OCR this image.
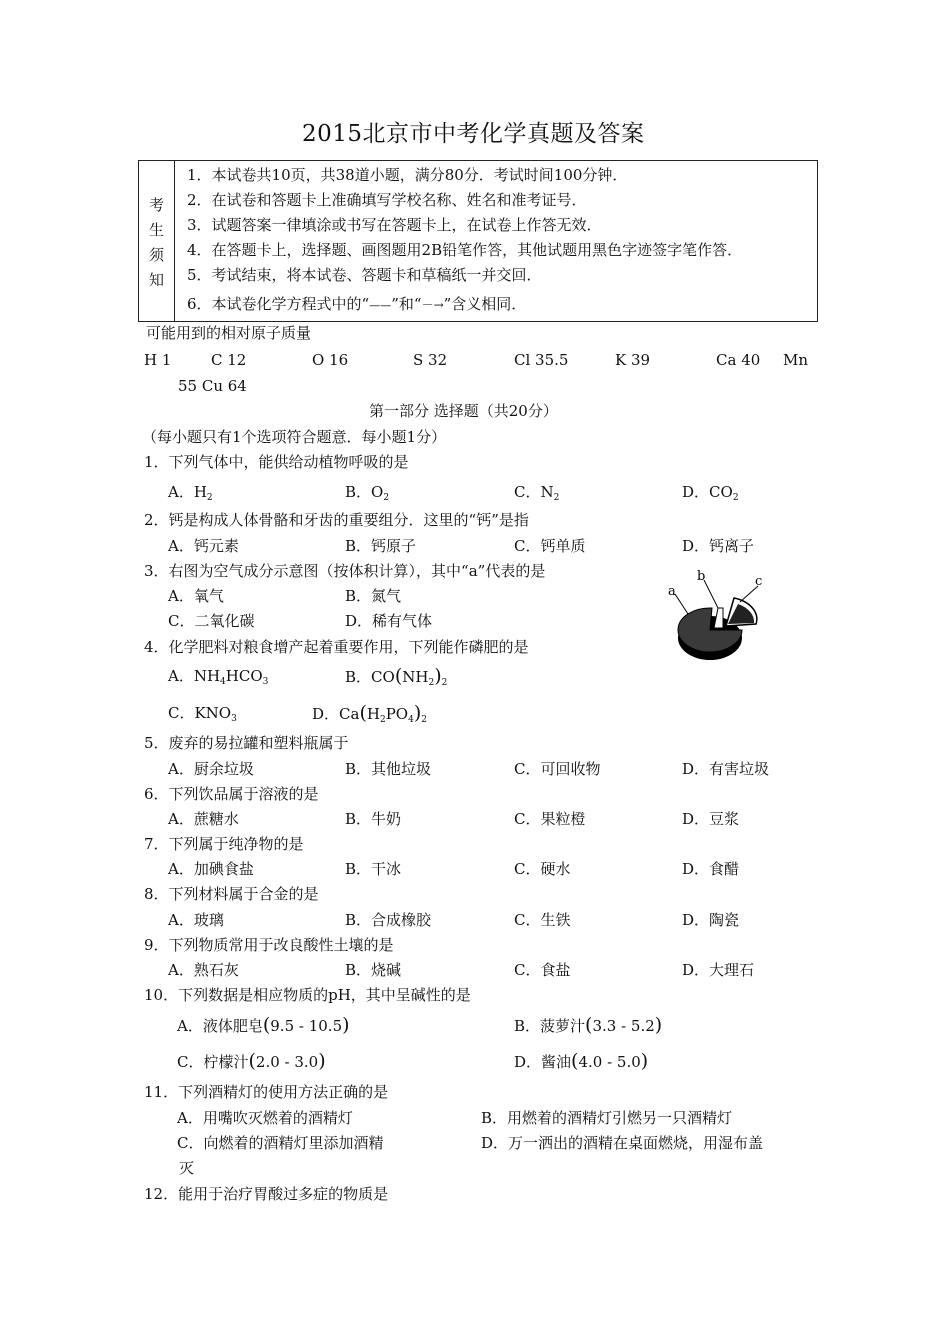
2015北京市中考化学真题及答案
考
生
须
知
1．本试卷共10页，共38道小题，满分80分．考试时间100分钟．
2．在试卷和答题卡上准确填写学校名称、姓名和准考证号．
3．试题答案一律填涂或书写在答题卡上，在试卷上作答无效．
4．在答题卡上，选择题、画图题用2B铅笔作答，其他试题用黑色字迹签字笔作答．
5．考试结束，将本试卷、答题卡和草稿纸一并交回．
6．本试卷化学方程式中的“——”和“－→”含义相同．
可能用到的相对原子质量
H 1	C 12	O 16	S 32	Cl 35.5	K 39	Ca 40 Mn
55 Cu 64
第一部分 选择题（共20分）
（每小题只有1个选项符合题意．每小题1分）
1．下列气体中，能供给动植物呼吸的是
A．$H_2$	B．$O_2$	C．$N_2$	D．$CO_2$
2．钙是构成人体骨骼和牙齿的重要组分．这里的“钙”是指
A．钙元素	B．钙原子	C．钙单质	D．钙离子
3．右图为空气成分示意图（按体积计算），其中“a”代表的是
A．氧气	B．氮气
C．二氧化碳	D．稀有气体
a
b	c
4．化学肥料对粮食增产起着重要作用，下列能作磷肥的是
A．$NH_4HCO_3$	B．$CO(NH_2)_2$
C．$KNO_3$	D．$Ca(H_2PO_4)_2$
5．废弃的易拉罐和塑料瓶属于
A．厨余垃圾	B．其他垃圾	C．可回收物	D．有害垃圾
6．下列饮品属于溶液的是
A．蔗糖水	B．牛奶	C．果粒橙	D．豆浆
7．下列属于纯净物的是
A．加碘食盐	B．干冰	C．硬水	D．食醋
8．下列材料属于合金的是
A．玻璃	B．合成橡胶	C．生铁	D．陶瓷
9．下列物质常用于改良酸性土壤的是
A．熟石灰	B．烧碱	C．食盐	D．大理石
10．下列数据是相应物质的pH，其中呈碱性的是
A．液体肥皂(9.5 - 10.5)	B．菠萝汁(3.3 - 5.2)
C．柠檬汁(2.0 - 3.0)	D．酱油(4.0 - 5.0)
11．下列酒精灯的使用方法正确的是
A．用嘴吹灭燃着的酒精灯	B．用燃着的酒精灯引燃另一只酒精灯
C．向燃着的酒精灯里添加酒精	D．万一洒出的酒精在桌面燃烧，用湿布盖
灭
12．能用于治疗胃酸过多症的物质是
